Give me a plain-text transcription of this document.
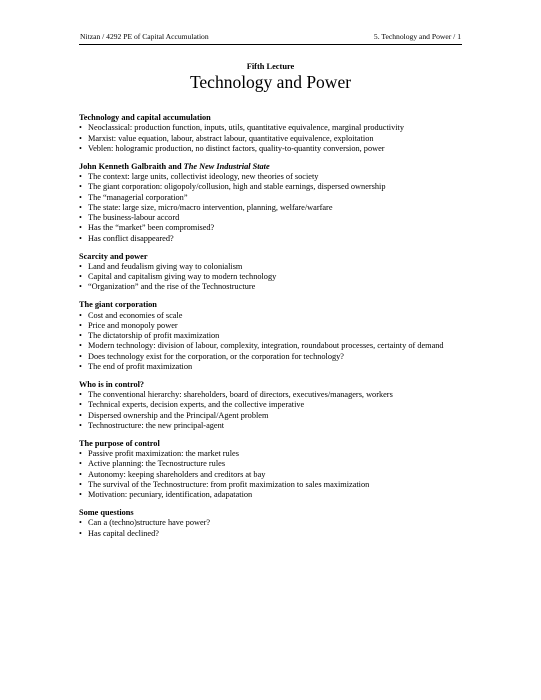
Nitzan / 4292 PE of Capital Accumulation	5. Technology and Power / 1
Fifth Lecture
Technology and Power
Technology and capital accumulation
• Neoclassical: production function, inputs, utils, quantitative equivalence, marginal productivity
• Marxist: value equation, labour, abstract labour, quantitative equivalence, exploitation
• Veblen: hologramic production, no distinct factors, quality-to-quantity conversion, power
John Kenneth Galbraith and The New Industrial State
• The context: large units, collectivist ideology, new theories of society
• The giant corporation: oligopoly/collusion, high and stable earnings, dispersed ownership
• The “managerial corporation”
• The state: large size, micro/macro intervention, planning, welfare/warfare
• The business-labour accord
• Has the “market” been compromised?
• Has conflict disappeared?
Scarcity and power
• Land and feudalism giving way to colonialism
• Capital and capitalism giving way to modern technology
• “Organization” and the rise of the Technostructure
The giant corporation
• Cost and economies of scale
• Price and monopoly power
• The dictatorship of profit maximization
• Modern technology: division of labour, complexity, integration, roundabout processes, certainty of demand
• Does technology exist for the corporation, or the corporation for technology?
• The end of profit maximization
Who is in control?
• The conventional hierarchy: shareholders, board of directors, executives/managers, workers
• Technical experts, decision experts, and the collective imperative
• Dispersed ownership and the Principal/Agent problem
• Technostructure: the new principal-agent
The purpose of control
• Passive profit maximization: the market rules
• Active planning: the Tecnostructure rules
• Autonomy: keeping shareholders and creditors at bay
• The survival of the Technostructure: from profit maximization to sales maximization
• Motivation: pecuniary, identification, adapatation
Some questions
• Can a (techno)structure have power?
• Has capital declined?
